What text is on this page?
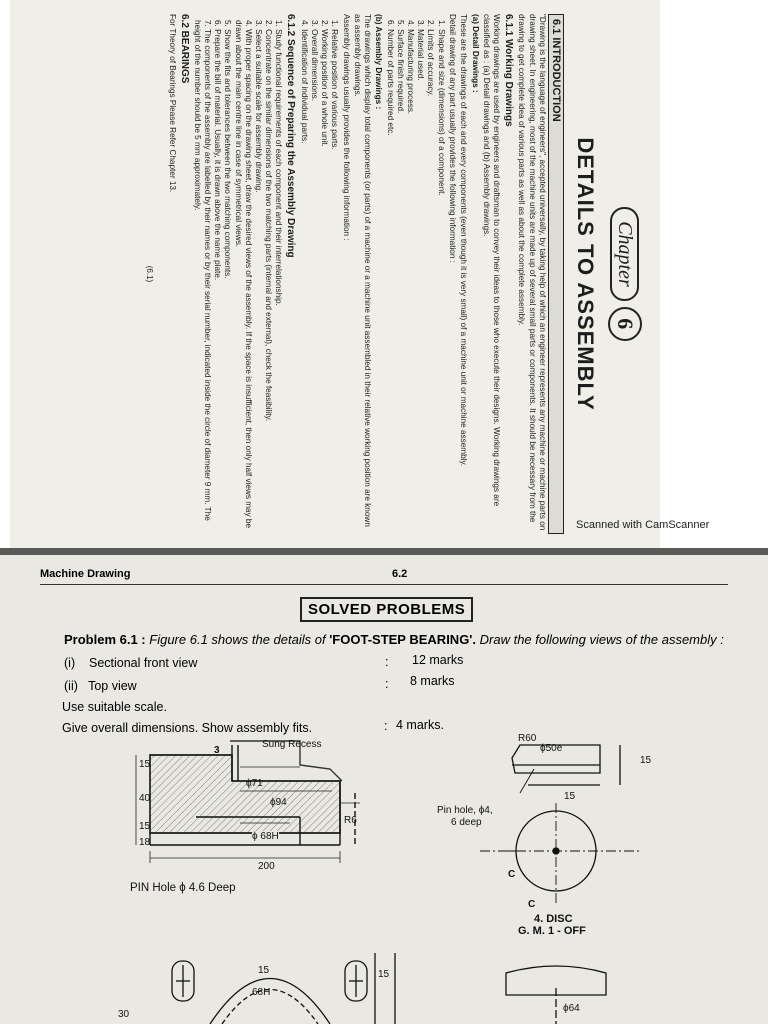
Chapter
6
DETAILS TO ASSEMBLY
6.1 INTRODUCTION

"Drawing is the language of engineers", accepted universally, by taking help of which an engineer represents any machine or machine parts on drawing sheet. In engineering, most of the machine units are made up of several small parts or components. It should be necessary from the drawing to get complete idea of various parts as well as about the complete assembly.

6.1.1 Working Drawings

Working drawings are used by engineers and draftsman to convey their ideas to those who execute their designs. Working drawings are classified as : (a) Detail drawings and (b) Assembly drawings.

(a) Detail Drawings :

These are the drawings of each and every components (even though it is very small) of a machine unit or machine assembly.

Detail drawing of any part usually provides the following information :

1. Shape and size (dimensions) of a component.
2. Limits of accuracy.
3. Material used.
4. Manufacturing process.
5. Surface finish required.
6. Number of parts required etc.
(b) Assembly Drawings :

The drawings which display total components (or parts) of a machine or a machine unit assembled in their relative working position are known as assembly drawings.

Assembly drawings usually provides the following information :

1. Relative position of various parts.
2. Working position of a whole unit.
3. Overall dimensions.
4. Identification of individual parts.
6.1.2 Sequence of Preparing the Assembly Drawing
1. Study functional requirements of each component and their interrelationship.
2. Concentrate on the similar dimensions of the two matching parts (internal and external), check the feasibility.
3. Select a suitable scale for assembly drawing.
4. With proper spacing on the drawing sheet, draw the desired views of the assembly. If the space is insufficient, then only half views may be drawn about the main centre line in case of symmetrical views.
5. Show the fits and tolerances between the two matching components.
6. Prepare the bill of material. Usually, it is drawn above the name plate.
7. The components of the assembly are labelled by their names or by their serial number, indicated inside the circle of diameter 9 mm. The height of the number should be 5 mm approximately.
6.2 BEARINGS

For Theory of Bearings Please Refer Chapter 13.

(6.1)
Scanned with CamScanner
Machine Drawing	6.2
SOLVED PROBLEMS
Problem 6.1 : Figure 6.1 shows the details of 'FOOT-STEP BEARING'. Draw the following views of the assembly :
(i)    Sectional front view	: 12 marks
(ii)   Top view	: 8 marks
Use suitable scale.
Give overall dimensions. Show assembly fits.	: 4 marks.
Sung Recess
3
ϕ71
ϕ94
R6
ϕ 68H
200
15
40
15
18
PIN Hole ϕ 4.6 Deep
R60
ϕ50e
15
15
Pin hole, ϕ4,
6 deep
C
C
4. DISC
G. M. 1 - OFF
15
68H
15
ϕ64
30
